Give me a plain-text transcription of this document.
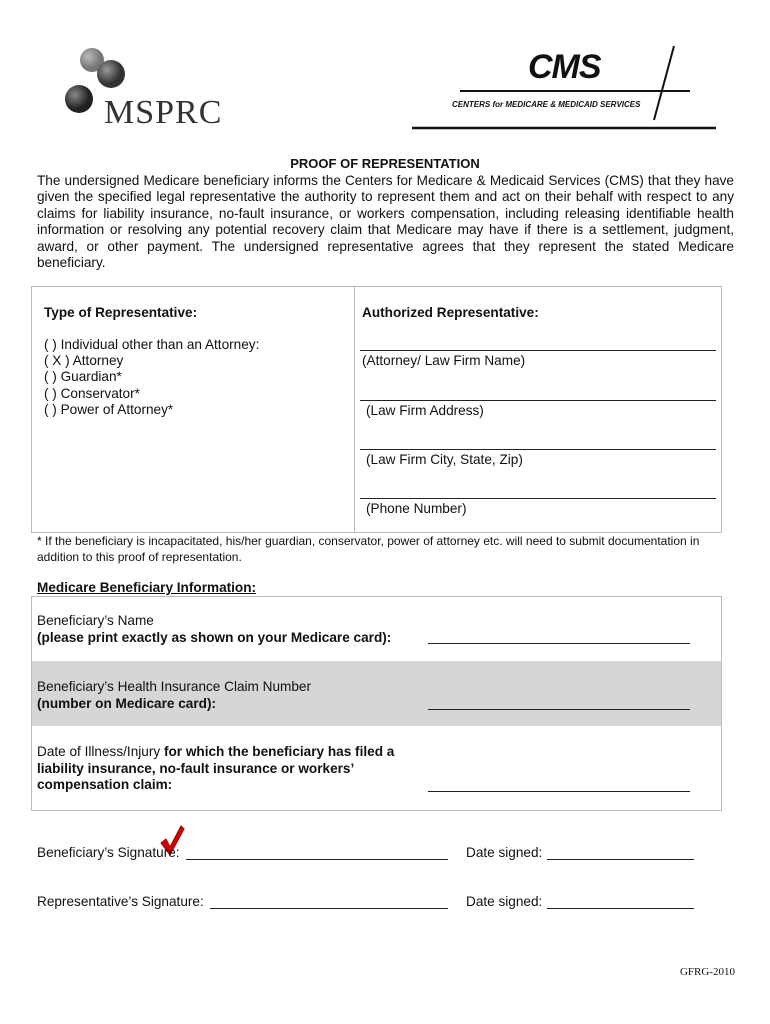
MSPRC
CMS
CENTERS for MEDICARE & MEDICAID SERVICES
PROOF OF REPRESENTATION
The undersigned Medicare beneficiary informs the Centers for Medicare & Medicaid Services (CMS) that they have given the specified legal representative the authority to represent them and act on their behalf with respect to any claims for liability insurance, no-fault insurance, or workers compensation, including releasing identifiable health information or resolving any potential recovery claim that Medicare may have if there is a settlement, judgment, award, or other payment. The undersigned representative agrees that they represent the stated Medicare beneficiary.
Type of Representative:
( ) Individual other than an Attorney:
( X ) Attorney
( ) Guardian*
( ) Conservator*
( ) Power of Attorney*
Authorized Representative:
(Attorney/ Law Firm Name)
(Law Firm Address)
(Law Firm City, State, Zip)
(Phone Number)
* If the beneficiary is incapacitated, his/her guardian, conservator, power of attorney etc. will need to submit documentation in addition to this proof of representation.
Medicare Beneficiary Information:
Beneficiary’s Name
(please print exactly as shown on your Medicare card):
Beneficiary’s Health Insurance Claim Number
(number on Medicare card):
Date of Illness/Injury for which the beneficiary has filed a liability insurance, no-fault insurance or workers’ compensation claim:
Beneficiary’s Signature:	Date signed:
Representative’s Signature:	Date signed:
GFRG-2010
